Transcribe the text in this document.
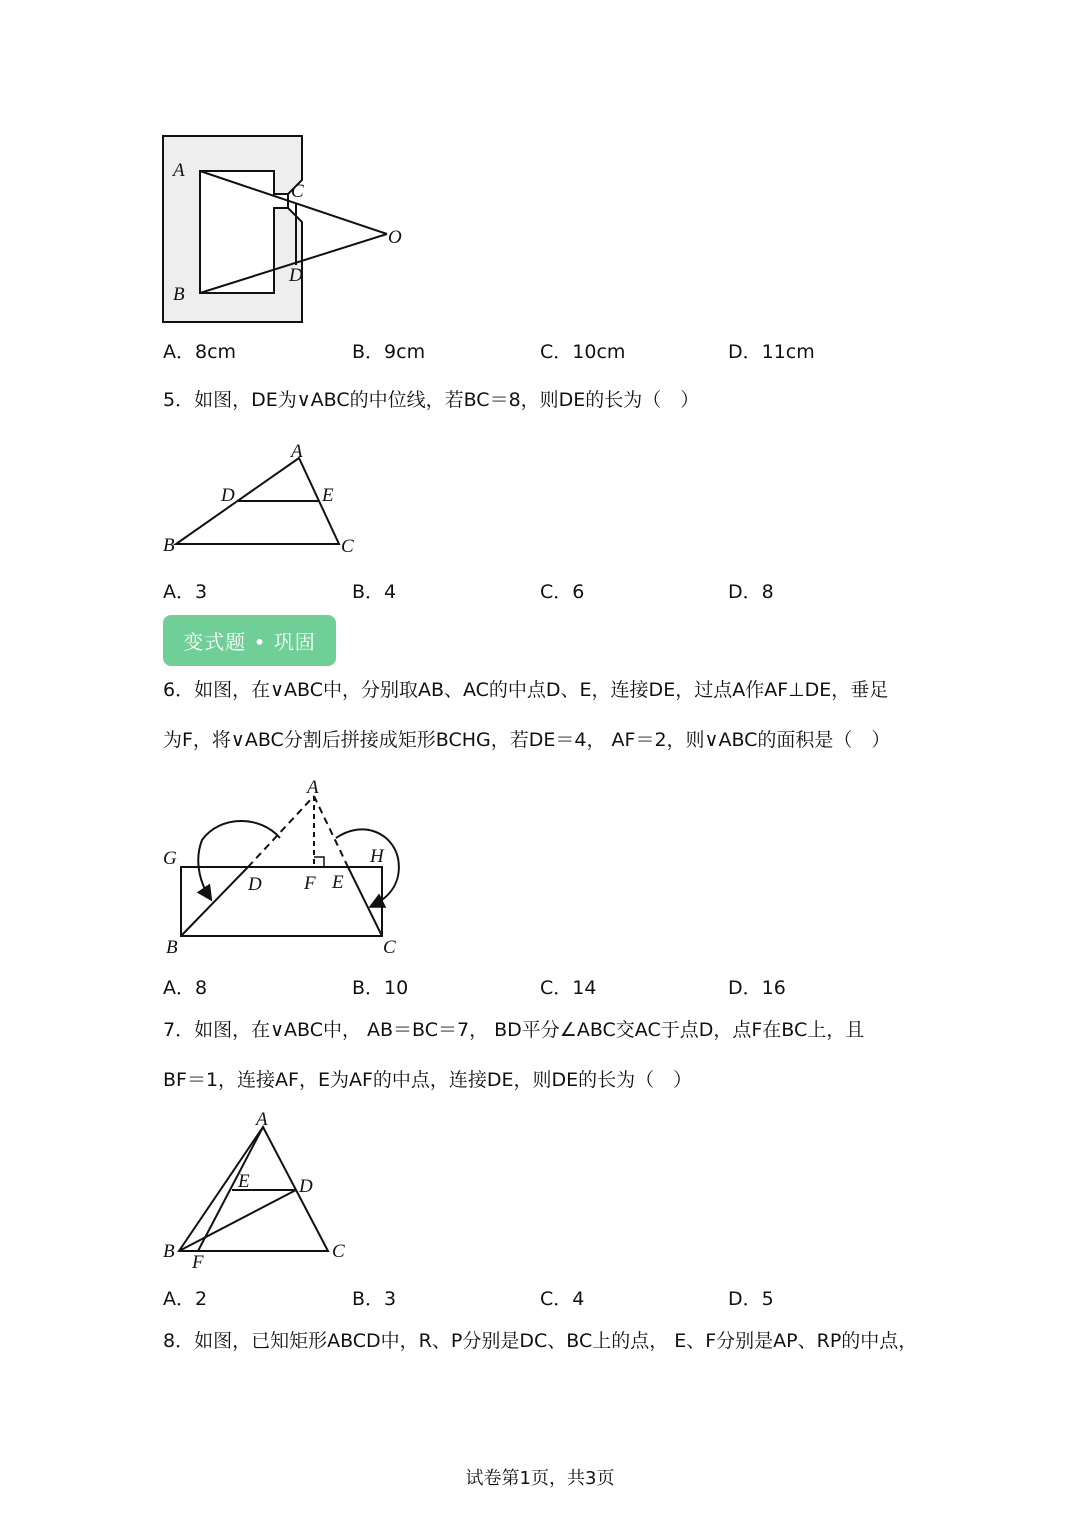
A
B
C
D
O
A．8cm	B．9cm	C．10cm	D．11cm
5．如图，DE为∨ABC的中位线，若BC＝8，则DE的长为（　）
A
B	C
D	E
A．3	B．4	C．6	D．8
变式题 • 巩固
6．如图，在∨ABC中，分别取AB、AC的中点D、E，连接DE，过点A作AF⊥DE，垂足
为F，将∨ABC分割后拼接成矩形BCHG，若DE＝4， AF＝2，则∨ABC的面积是（　）
A
G	H
D F E
B	C
A．8	B．10	C．14	D．16
7．如图，在∨ABC中， AB＝BC＝7， BD平分∠ABC交AC于点D，点F在BC上，且
BF＝1，连接AF，E为AF的中点，连接DE，则DE的长为（　）
A
E	D
B
F
C
A．2	B．3	C．4	D．5
8．如图，已知矩形ABCD中，R、P分别是DC、BC上的点， E、F分别是AP、RP的中点，
试卷第1页，共3页
